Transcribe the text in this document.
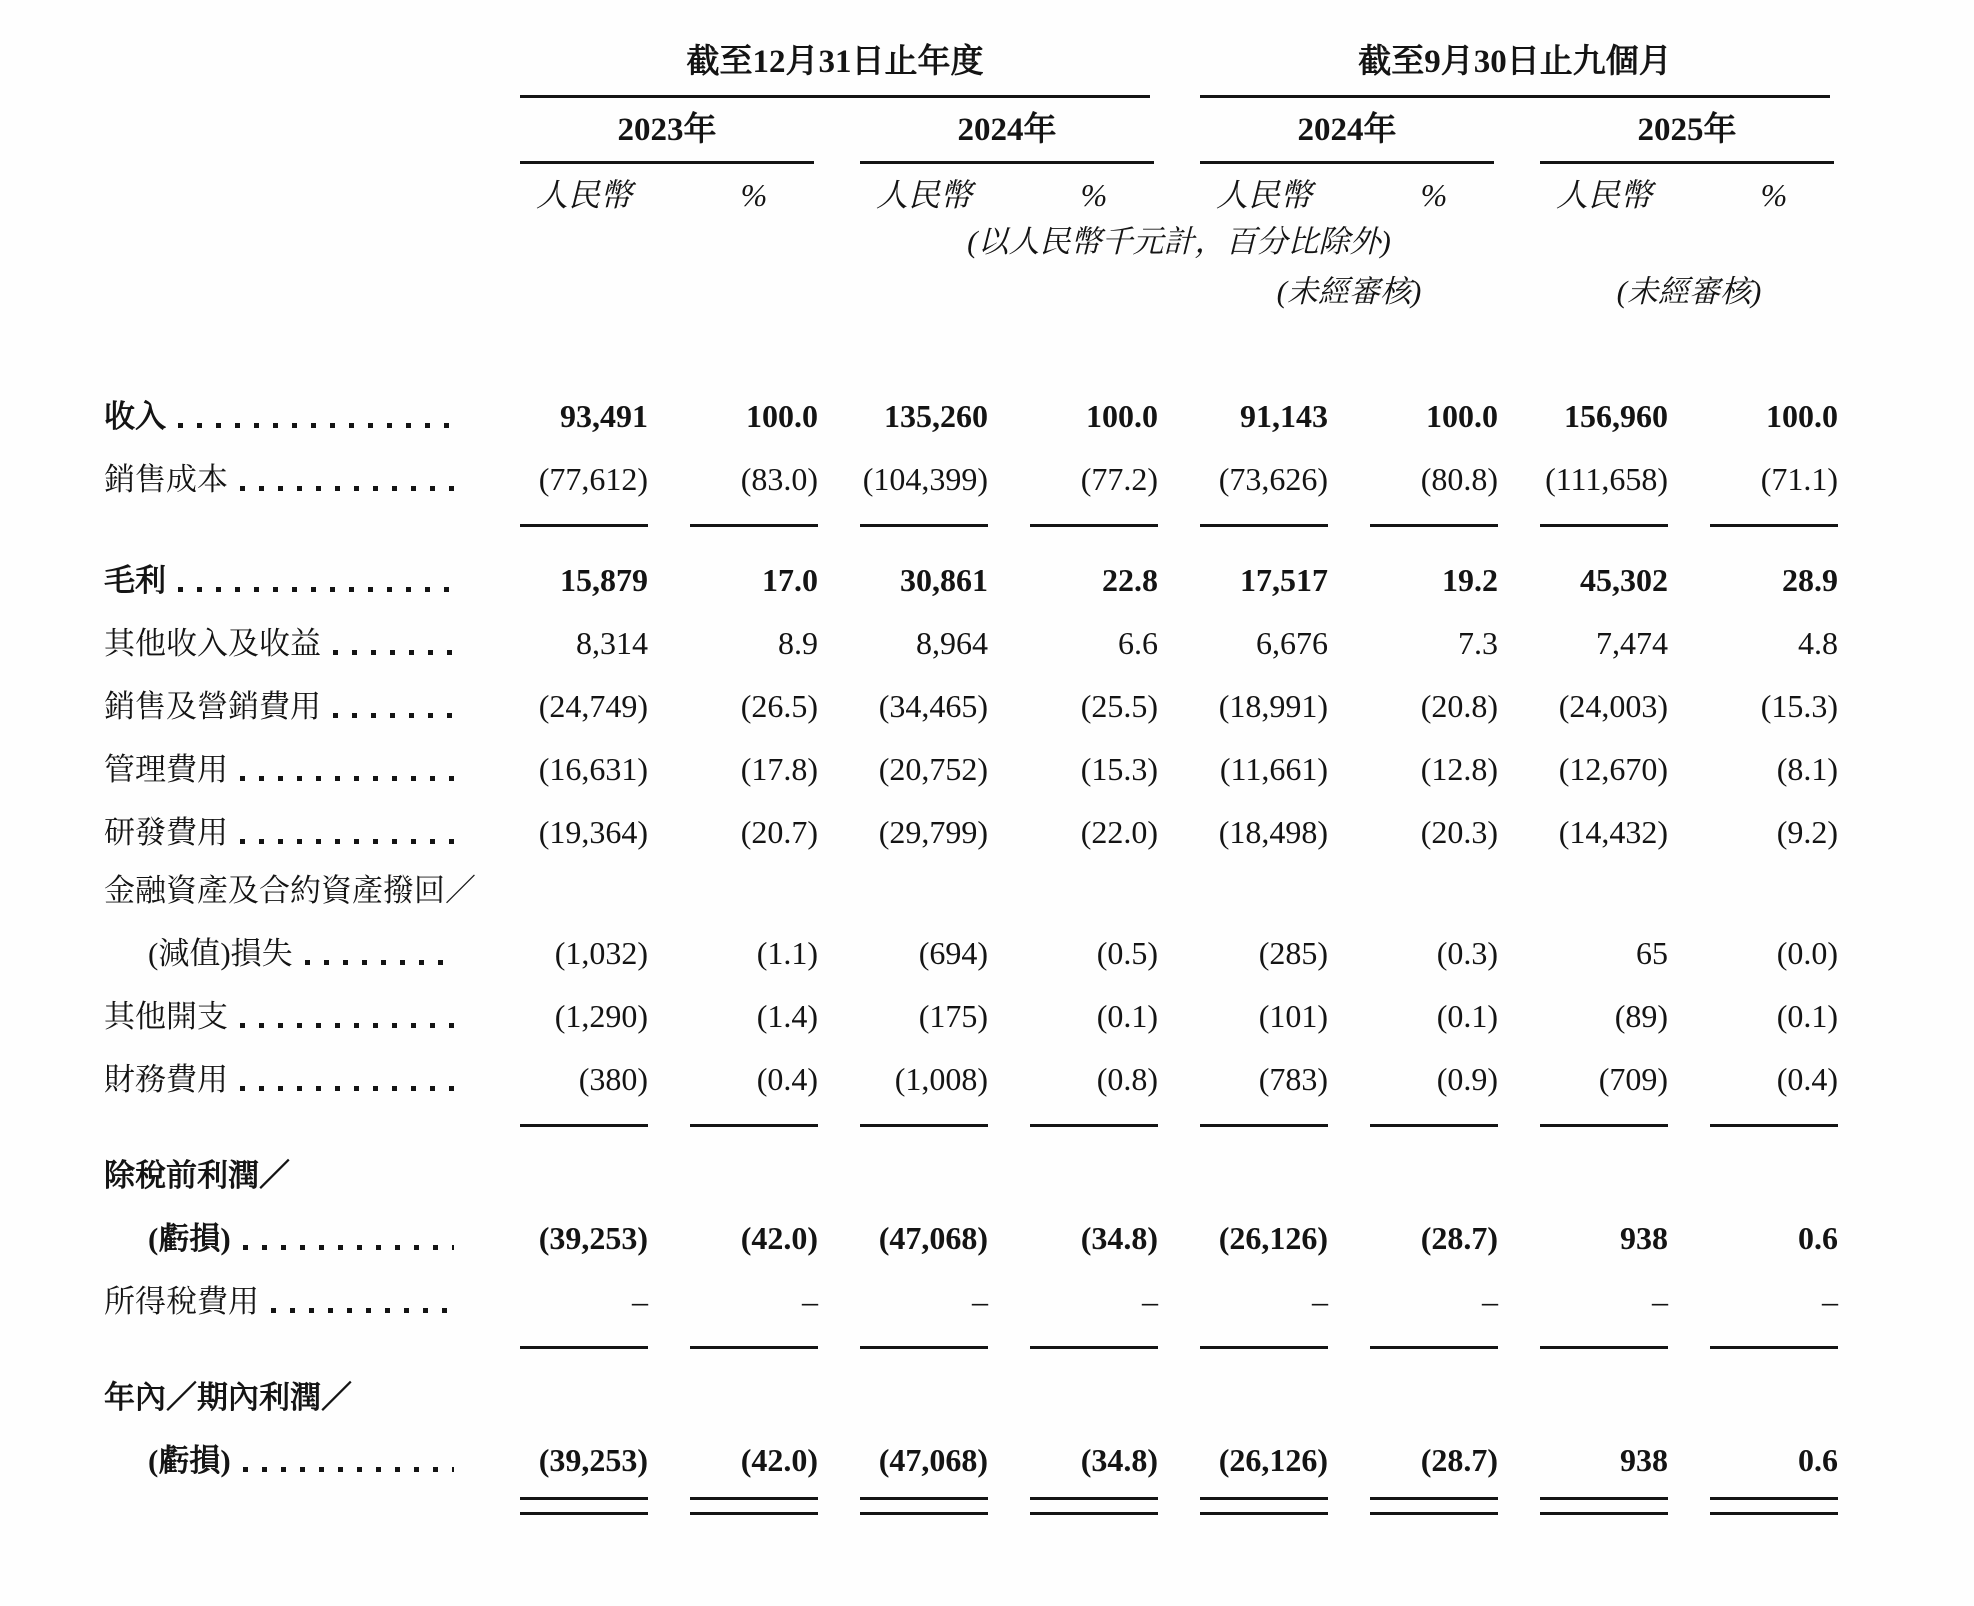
	截至12月31日止年度				截至9月30日止九個月			

	2023年		2024年		2024年		2025年	

	人民幣	%	人民幣	%	人民幣	%	人民幣	%
	(以人民幣千元計，百分比除外)							
					(未經審核)		(未經審核)	

收入	93,491	100.0	135,260	100.0	91,143	100.0	156,960	100.0

銷售成本	(77,612)	(83.0)	(104,399)	(77.2)	(73,626)	(80.8)	(111,658)	(71.1)

毛利	15,879	17.0	30,861	22.8	17,517	19.2	45,302	28.9

其他收入及收益	8,314	8.9	8,964	6.6	6,676	7.3	7,474	4.8

銷售及營銷費用	(24,749)	(26.5)	(34,465)	(25.5)	(18,991)	(20.8)	(24,003)	(15.3)

管理費用	(16,631)	(17.8)	(20,752)	(15.3)	(11,661)	(12.8)	(12,670)	(8.1)

研發費用	(19,364)	(20.7)	(29,799)	(22.0)	(18,498)	(20.3)	(14,432)	(9.2)

金融資產及合約資產撥回／								

(減值)損失	(1,032)	(1.1)	(694)	(0.5)	(285)	(0.3)	65	(0.0)

其他開支	(1,290)	(1.4)	(175)	(0.1)	(101)	(0.1)	(89)	(0.1)

財務費用	(380)	(0.4)	(1,008)	(0.8)	(783)	(0.9)	(709)	(0.4)

除稅前利潤／								

(虧損)	(39,253)	(42.0)	(47,068)	(34.8)	(26,126)	(28.7)	938	0.6

所得稅費用	–	–	–	–	–	–	–	–

年內／期內利潤／								

(虧損)	(39,253)	(42.0)	(47,068)	(34.8)	(26,126)	(28.7)	938	0.6
